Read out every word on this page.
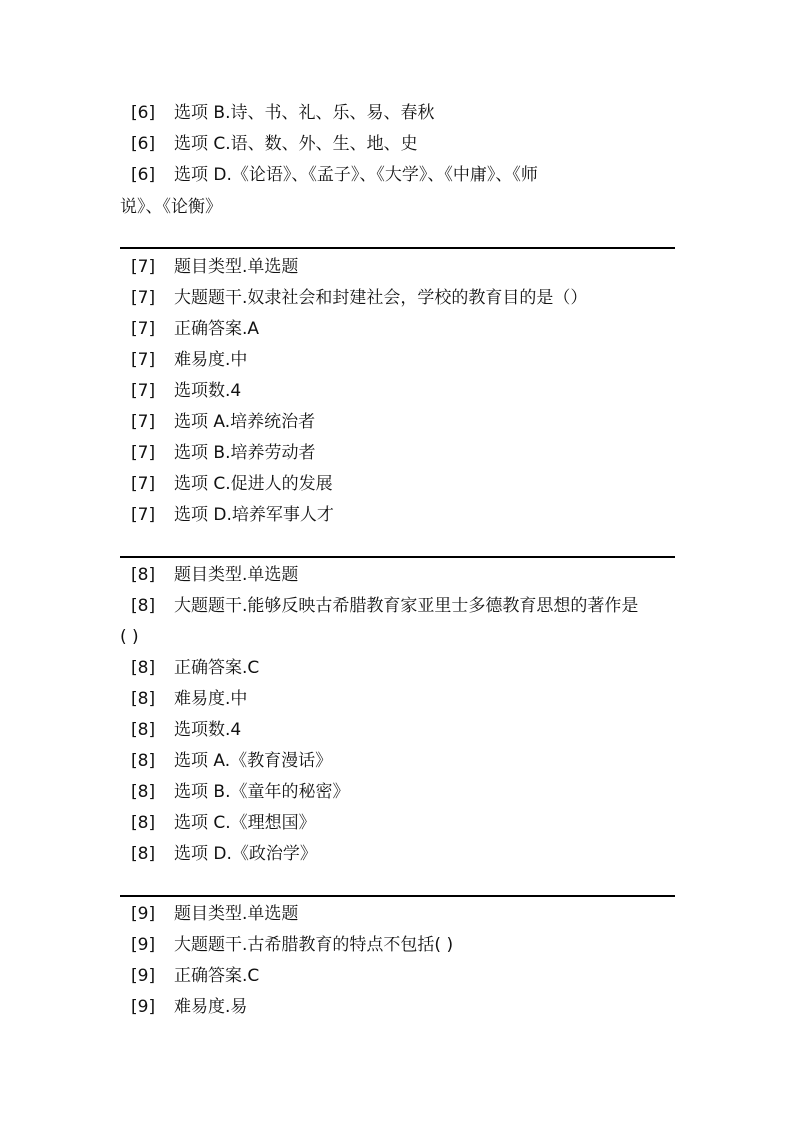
[6]	选项 B.诗、书、礼、乐、易、春秋
[6]	选项 C.语、数、外、生、地、史
[6]	选项 D.《论语》、《孟子》、《大学》、《中庸》、《师
说》、《论衡》
[7]	题目类型.单选题
[7]	大题题干.奴隶社会和封建社会，学校的教育目的是（）
[7]	正确答案.A
[7]	难易度.中
[7]	选项数.4
[7]	选项 A.培养统治者
[7]	选项 B.培养劳动者
[7]	选项 C.促进人的发展
[7]	选项 D.培养军事人才
[8]	题目类型.单选题
[8]	大题题干.能够反映古希腊教育家亚里士多德教育思想的著作是
( )
[8]	正确答案.C
[8]	难易度.中
[8]	选项数.4
[8]	选项 A.《教育漫话》
[8]	选项 B.《童年的秘密》
[8]	选项 C.《理想国》
[8]	选项 D.《政治学》
[9]	题目类型.单选题
[9]	大题题干.古希腊教育的特点不包括( )
[9]	正确答案.C
[9]	难易度.易
